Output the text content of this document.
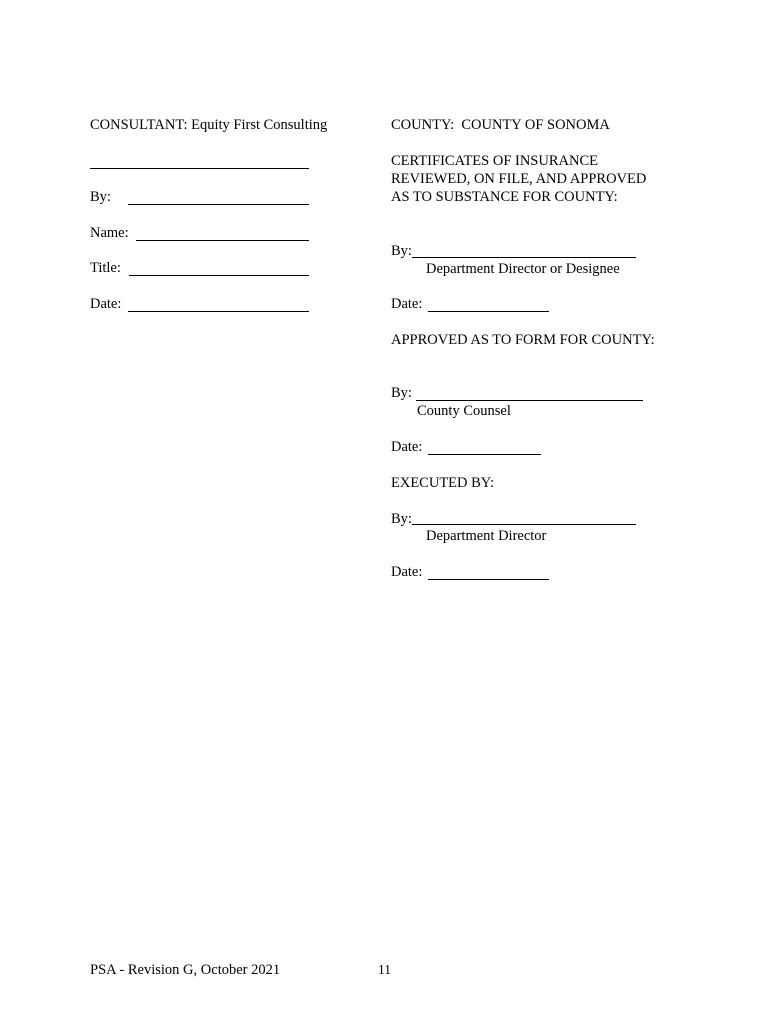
CONSULTANT: Equity First Consulting
By:
Name:
Title:
Date:
COUNTY:  COUNTY OF SONOMA
CERTIFICATES OF INSURANCE
REVIEWED, ON FILE, AND APPROVED
AS TO SUBSTANCE FOR COUNTY:
By:
Department Director or Designee
Date:
APPROVED AS TO FORM FOR COUNTY:
By:
County Counsel
Date:
EXECUTED BY:
By:
Department Director
Date:
PSA - Revision G, October 2021	11
